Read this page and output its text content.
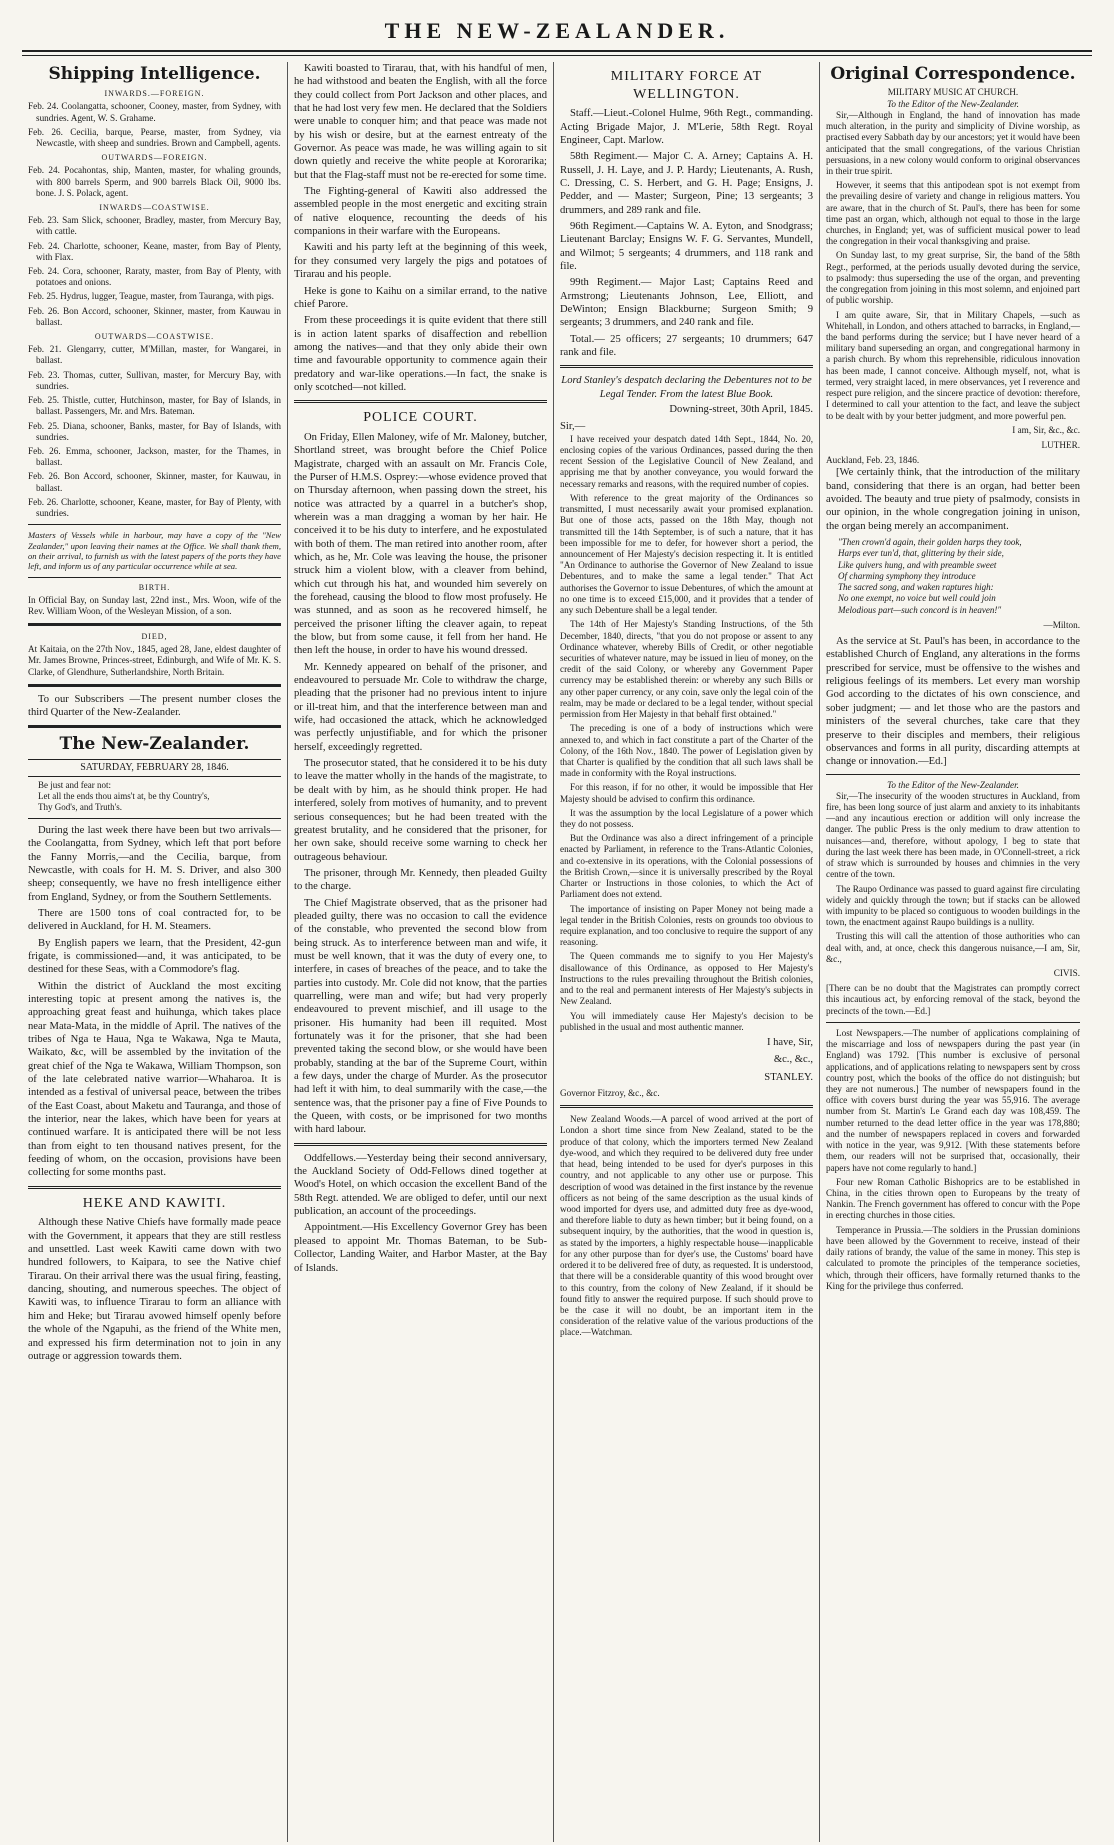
THE NEW-ZEALANDER.
Shipping Intelligence.
INWARDS.—FOREIGN.
Feb. 24. Coolangatta, schooner, Cooney, master, from Sydney, with sundries. Agent, W. S. Grahame.
Feb. 26. Cecilia, barque, Pearse, master, from Sydney, via Newcastle, with sheep and sundries. Brown and Campbell, agents.
OUTWARDS—FOREIGN.
Feb. 24. Pocahontas, ship, Manten, master, for whaling grounds, with 800 barrels Sperm, and 900 barrels Black Oil, 9000 lbs. bone. J. S. Polack, agent.
INWARDS—COASTWISE.
Feb. 23. Sam Slick, schooner, Bradley, master, from Mercury Bay, with cattle.
Feb. 24. Charlotte, schooner, Keane, master, from Bay of Plenty, with Flax.
Feb. 24. Cora, schooner, Raraty, master, from Bay of Plenty, with potatoes and onions.
Feb. 25. Hydrus, lugger, Teague, master, from Tauranga, with pigs.
Feb. 26. Bon Accord, schooner, Skinner, master, from Kauwau in ballast.
OUTWARDS—COASTWISE.
Feb. 21. Glengarry, cutter, M'Millan, master, for Wangarei, in ballast.
Feb. 23. Thomas, cutter, Sullivan, master, for Mercury Bay, with sundries.
Feb. 25. Thistle, cutter, Hutchinson, master, for Bay of Islands, in ballast. Passengers, Mr. and Mrs. Bateman.
Feb. 25. Diana, schooner, Banks, master, for Bay of Islands, with sundries.
Feb. 26. Emma, schooner, Jackson, master, for the Thames, in ballast.
Feb. 26. Bon Accord, schooner, Skinner, master, for Kauwau, in ballast.
Feb. 26. Charlotte, schooner, Keane, master, for Bay of Plenty, with sundries.
Masters of Vessels while in harbour, may have a copy of the "New Zealander," upon leaving their names at the Office. We shall thank them, on their arrival, to furnish us with the latest papers of the ports they have left, and inform us of any particular occurrence while at sea.
BIRTH.
In Official Bay, on Sunday last, 22nd inst., Mrs. Woon, wife of the Rev. William Woon, of the Wesleyan Mission, of a son.
DIED,
At Kaitaia, on the 27th Nov., 1845, aged 28, Jane, eldest daughter of Mr. James Browne, Princes-street, Edinburgh, and Wife of Mr. K. S. Clarke, of Glendhure, Sutherlandshire, North Britain.

To our Subscribers —The present number closes the third Quarter of the New-Zealander.

The New-Zealander.
SATURDAY, FEBRUARY 28, 1846.
Be just and fear not:
Let all the ends thou aims't at, be thy Country's,
Thy God's, and Truth's.

During the last week there have been but two arrivals—the Coolangatta, from Sydney, which left that port before the Fanny Morris,—and the Cecilia, barque, from Newcastle, with coals for H. M. S. Driver, and also 300 sheep; consequently, we have no fresh intelligence either from England, Sydney, or from the Southern Settlements.

There are 1500 tons of coal contracted for, to be delivered in Auckland, for H. M. Steamers.

By English papers we learn, that the President, 42-gun frigate, is commissioned—and, it was anticipated, to be destined for these Seas, with a Commodore's flag.

Within the district of Auckland the most exciting interesting topic at present among the natives is, the approaching great feast and huihunga, which takes place near Mata-Mata, in the middle of April. The natives of the tribes of Nga te Haua, Nga te Wakawa, Nga te Mauta, Waikato, &c, will be assembled by the invitation of the great chief of the Nga te Wakawa, William Thompson, son of the late celebrated native warrior—Whaharoa. It is intended as a festival of universal peace, between the tribes of the East Coast, about Maketu and Tauranga, and those of the interior, near the lakes, which have been for years at continued warfare. It is anticipated there will be not less than from eight to ten thousand natives present, for the feeding of whom, on the occasion, provisions have been collecting for some months past.

HEKE AND KAWITI.

Although these Native Chiefs have formally made peace with the Government, it appears that they are still restless and unsettled. Last week Kawiti came down with two hundred followers, to Kaipara, to see the Native chief Tirarau. On their arrival there was the usual firing, feasting, dancing, shouting, and numerous speeches. The object of Kawiti was, to influence Tirarau to form an alliance with him and Heke; but Tirarau avowed himself openly before the whole of the Ngapuhi, as the friend of the White men, and expressed his firm determination not to join in any outrage or aggression towards them.

Kawiti boasted to Tirarau, that, with his handful of men, he had withstood and beaten the English, with all the force they could collect from Port Jackson and other places, and that he had lost very few men. He declared that the Soldiers were unable to conquer him; and that peace was made not by his wish or desire, but at the earnest entreaty of the Governor. As peace was made, he was willing again to sit down quietly and receive the white people at Kororarika; but that the Flag-staff must not be re-erected for some time.

The Fighting-general of Kawiti also addressed the assembled people in the most energetic and exciting strain of native eloquence, recounting the deeds of his companions in their warfare with the Europeans.

Kawiti and his party left at the beginning of this week, for they consumed very largely the pigs and potatoes of Tirarau and his people.

Heke is gone to Kaihu on a similar errand, to the native chief Parore.

From these proceedings it is quite evident that there still is in action latent sparks of disaffection and rebellion among the natives—and that they only abide their own time and favourable opportunity to commence again their predatory and war-like operations.—In fact, the snake is only scotched—not killed.

POLICE COURT.

On Friday, Ellen Maloney, wife of Mr. Maloney, butcher, Shortland street, was brought before the Chief Police Magistrate, charged with an assault on Mr. Francis Cole, the Purser of H.M.S. Osprey:—whose evidence proved that on Thursday afternoon, when passing down the street, his notice was attracted by a quarrel in a butcher's shop, wherein was a man dragging a woman by her hair. He conceived it to be his duty to interfere, and he expostulated with both of them. The man retired into another room, after which, as he, Mr. Cole was leaving the house, the prisoner struck him a violent blow, with a cleaver from behind, which cut through his hat, and wounded him severely on the forehead, causing the blood to flow most profusely. He was stunned, and as soon as he recovered himself, he perceived the prisoner lifting the cleaver again, to repeat the blow, but from some cause, it fell from her hand. He then left the house, in order to have his wound dressed.

Mr. Kennedy appeared on behalf of the prisoner, and endeavoured to persuade Mr. Cole to withdraw the charge, pleading that the prisoner had no previous intent to injure or ill-treat him, and that the interference between man and wife, had occasioned the attack, which he acknowledged was perfectly unjustifiable, and for which the prisoner herself, exceedingly regretted.

The prosecutor stated, that he considered it to be his duty to leave the matter wholly in the hands of the magistrate, to be dealt with by him, as he should think proper. He had interfered, solely from motives of humanity, and to prevent serious consequences; but he had been treated with the greatest brutality, and he considered that the prisoner, for her own sake, should receive some warning to check her outrageous behaviour.

The prisoner, through Mr. Kennedy, then pleaded Guilty to the charge.

The Chief Magistrate observed, that as the prisoner had pleaded guilty, there was no occasion to call the evidence of the constable, who prevented the second blow from being struck. As to interference between man and wife, it must be well known, that it was the duty of every one, to interfere, in cases of breaches of the peace, and to take the parties into custody. Mr. Cole did not know, that the parties quarrelling, were man and wife; but had very properly endeavoured to prevent mischief, and ill usage to the prisoner. His humanity had been ill requited. Most fortunately was it for the prisoner, that she had been prevented taking the second blow, or she would have been probably, standing at the bar of the Supreme Court, within a few days, under the charge of Murder. As the prosecutor had left it with him, to deal summarily with the case,—the sentence was, that the prisoner pay a fine of Five Pounds to the Queen, with costs, or be imprisoned for two months with hard labour.

Oddfellows.—Yesterday being their second anniversary, the Auckland Society of Odd-Fellows dined together at Wood's Hotel, on which occasion the excellent Band of the 58th Regt. attended. We are obliged to defer, until our next publication, an account of the proceedings.

Appointment.—His Excellency Governor Grey has been pleased to appoint Mr. Thomas Bateman, to be Sub-Collector, Landing Waiter, and Harbor Master, at the Bay of Islands.

MILITARY FORCE AT WELLINGTON.

Staff.—Lieut.-Colonel Hulme, 96th Regt., commanding. Acting Brigade Major, J. M'Lerie, 58th Regt. Royal Engineer, Capt. Marlow.

58th Regiment.— Major C. A. Arney; Captains A. H. Russell, J. H. Laye, and J. P. Hardy; Lieutenants, A. Rush, C. Dressing, C. S. Herbert, and G. H. Page; Ensigns, J. Pedder, and — Master; Surgeon, Pine; 13 sergeants; 3 drummers, and 289 rank and file.

96th Regiment.—Captains W. A. Eyton, and Snodgrass; Lieutenant Barclay; Ensigns W. F. G. Servantes, Mundell, and Wilmot; 5 sergeants; 4 drummers, and 118 rank and file.

99th Regiment.— Major Last; Captains Reed and Armstrong; Lieutenants Johnson, Lee, Elliott, and DeWinton; Ensign Blackburne; Surgeon Smith; 9 sergeants; 3 drummers, and 240 rank and file.

Total.— 25 officers; 27 sergeants; 10 drummers; 647 rank and file.

Lord Stanley's despatch declaring the Debentures not to be Legal Tender. From the latest Blue Book.
Downing-street, 30th April, 1845.
Sir,—

I have received your despatch dated 14th Sept., 1844, No. 20, enclosing copies of the various Ordinances, passed during the then recent Session of the Legislative Council of New Zealand, and apprising me that by another conveyance, you would forward the necessary remarks and reasons, with the required number of copies.

With reference to the great majority of the Ordinances so transmitted, I must necessarily await your promised explanation. But one of those acts, passed on the 18th May, though not transmitted till the 14th September, is of such a nature, that it has been impossible for me to defer, for however short a period, the announcement of Her Majesty's decision respecting it. It is entitled "An Ordinance to authorise the Governor of New Zealand to issue Debentures, and to make the same a legal tender." That Act authorises the Governor to issue Debentures, of which the amount at no one time is to exceed £15,000, and it provides that a tender of any such Debenture shall be a legal tender.

The 14th of Her Majesty's Standing Instructions, of the 5th December, 1840, directs, "that you do not propose or assent to any Ordinance whatever, whereby Bills of Credit, or other negotiable securities of whatever nature, may be issued in lieu of money, on the credit of the said Colony, or whereby any Government Paper currency may be established therein: or whereby any such Bills or any other paper currency, or any coin, save only the legal coin of the realm, may be made or declared to be a legal tender, without special permission from Her Majesty in that behalf first obtained."

The preceding is one of a body of instructions which were annexed to, and which in fact constitute a part of the Charter of the Colony, of the 16th Nov., 1840. The power of Legislation given by that Charter is qualified by the condition that all such laws shall be made in conformity with the Royal instructions.

For this reason, if for no other, it would be impossible that Her Majesty should be advised to confirm this ordinance.

It was the assumption by the local Legislature of a power which they do not possess.

But the Ordinance was also a direct infringement of a principle enacted by Parliament, in reference to the Trans-Atlantic Colonies, and co-extensive in its operations, with the Colonial possessions of the British Crown,—since it is universally prescribed by the Royal Charter or Instructions in those colonies, to which the Act of Parliament does not extend.

The importance of insisting on Paper Money not being made a legal tender in the British Colonies, rests on grounds too obvious to require explanation, and too conclusive to require the support of any reasoning.

The Queen commands me to signify to you Her Majesty's disallowance of this Ordinance, as opposed to Her Majesty's Instructions to the rules prevailing throughout the British colonies, and to the real and permanent interests of Her Majesty's subjects in New Zealand.

You will immediately cause Her Majesty's decision to be published in the usual and most authentic manner.

I have, Sir,
&c., &c.,
STANLEY.
Governor Fitzroy, &c., &c.

New Zealand Woods.—A parcel of wood arrived at the port of London a short time since from New Zealand, stated to be the produce of that colony, which the importers termed New Zealand dye-wood, and which they required to be delivered duty free under that head, being intended to be used for dyer's purposes in this country, and not applicable to any other use or purpose. This description of wood was detained in the first instance by the revenue officers as not being of the same description as the usual kinds of wood imported for dyers use, and admitted duty free as dye-wood, and therefore liable to duty as hewn timber; but it being found, on a subsequent inquiry, by the authorities, that the wood in question is, as stated by the importers, a highly respectable house—inapplicable for any other purpose than for dyer's use, the Customs' board have ordered it to be delivered free of duty, as requested. It is understood, that there will be a considerable quantity of this wood brought over to this country, from the colony of New Zealand, if it should be found fitly to answer the required purpose. If such should prove to be the case it will no doubt, be an important item in the consideration of the relative value of the various productions of the place.—Watchman.

Original Correspondence.
MILITARY MUSIC AT CHURCH.
To the Editor of the New-Zealander.

Sir,—Although in England, the hand of innovation has made much alteration, in the purity and simplicity of Divine worship, as practised every Sabbath day by our ancestors; yet it would have been anticipated that the small congregations, of the various Christian persuasions, in a new colony would conform to original observances in their true spirit.

However, it seems that this antipodean spot is not exempt from the prevailing desire of variety and change in religious matters. You are aware, that in the church of St. Paul's, there has been for some time past an organ, which, although not equal to those in the large churches, in England; yet, was of sufficient musical power to lead the congregation in their vocal thanksgiving and praise.

On Sunday last, to my great surprise, Sir, the band of the 58th Regt., performed, at the periods usually devoted during the service, to psalmody: thus superseding the use of the organ, and preventing the congregation from joining in this most solemn, and enjoined part of public worship.

I am quite aware, Sir, that in Military Chapels, —such as Whitehall, in London, and others attached to barracks, in England,—the band performs during the service; but I have never heard of a military band superseding an organ, and congregational harmony in a parish church. By whom this reprehensible, ridiculous innovation has been made, I cannot conceive. Although myself, not, what is termed, very straight laced, in mere observances, yet I reverence and respect pure religion, and the sincere practice of devotion: therefore, I determined to call your attention to the fact, and leave the subject to be dealt with by your better judgment, and more powerful pen.

I am, Sir, &c., &c.
LUTHER.
Auckland, Feb. 23, 1846.

[We certainly think, that the introduction of the military band, considering that there is an organ, had better been avoided. The beauty and true piety of psalmody, consists in our opinion, in the whole congregation joining in unison, the organ being merely an accompaniment.

"Then crown'd again, their golden harps they took,
Harps ever tun'd, that, glittering by their side,
Like quivers hung, and with preamble sweet
Of charming symphony they introduce
The sacred song, and waken raptures high:
No one exempt, no voice but well could join
Melodious part—such concord is in heaven!"
—Milton.

As the service at St. Paul's has been, in accordance to the established Church of England, any alterations in the forms prescribed for service, must be offensive to the wishes and religious feelings of its members. Let every man worship God according to the dictates of his own conscience, and sober judgment; — and let those who are the pastors and ministers of the several churches, take care that they preserve to their disciples and members, their religious observances and forms in all purity, discarding attempts at change or innovation.—Ed.]

To the Editor of the New-Zealander.

Sir,—The insecurity of the wooden structures in Auckland, from fire, has been long source of just alarm and anxiety to its inhabitants—and any incautious erection or addition will only increase the danger. The public Press is the only medium to draw attention to nuisances—and, therefore, without apology, I beg to state that during the last week there has been made, in O'Connell-street, a rick of straw which is surrounded by houses and chimnies in the very centre of the town.

The Raupo Ordinance was passed to guard against fire circulating widely and quickly through the town; but if stacks can be allowed with impunity to be placed so contiguous to wooden buildings in the town, the enactment against Raupo buildings is a nullity.

Trusting this will call the attention of those authorities who can deal with, and, at once, check this dangerous nuisance,—I am, Sir, &c.,

CIVIS.
[There can be no doubt that the Magistrates can promptly correct this incautious act, by enforcing removal of the stack, beyond the precincts of the town.—Ed.]

Lost Newspapers.—The number of applications complaining of the miscarriage and loss of newspapers during the past year (in England) was 1792. [This number is exclusive of personal applications, and of applications relating to newspapers sent by cross country post, which the books of the office do not distinguish; but they are not numerous.] The number of newspapers found in the office with covers burst during the year was 55,916. The average number from St. Martin's Le Grand each day was 108,459. The number returned to the dead letter office in the year was 178,880; and the number of newspapers replaced in covers and forwarded with notice in the year, was 9,912. [With these statements before them, our readers will not be surprised that, occasionally, their papers have not come regularly to hand.]

Four new Roman Catholic Bishoprics are to be established in China, in the cities thrown open to Europeans by the treaty of Nankin. The French government has offered to concur with the Pope in erecting churches in those cities.

Temperance in Prussia.—The soldiers in the Prussian dominions have been allowed by the Government to receive, instead of their daily rations of brandy, the value of the same in money. This step is calculated to promote the principles of the temperance societies, which, through their officers, have formally returned thanks to the King for the privilege thus conferred.
